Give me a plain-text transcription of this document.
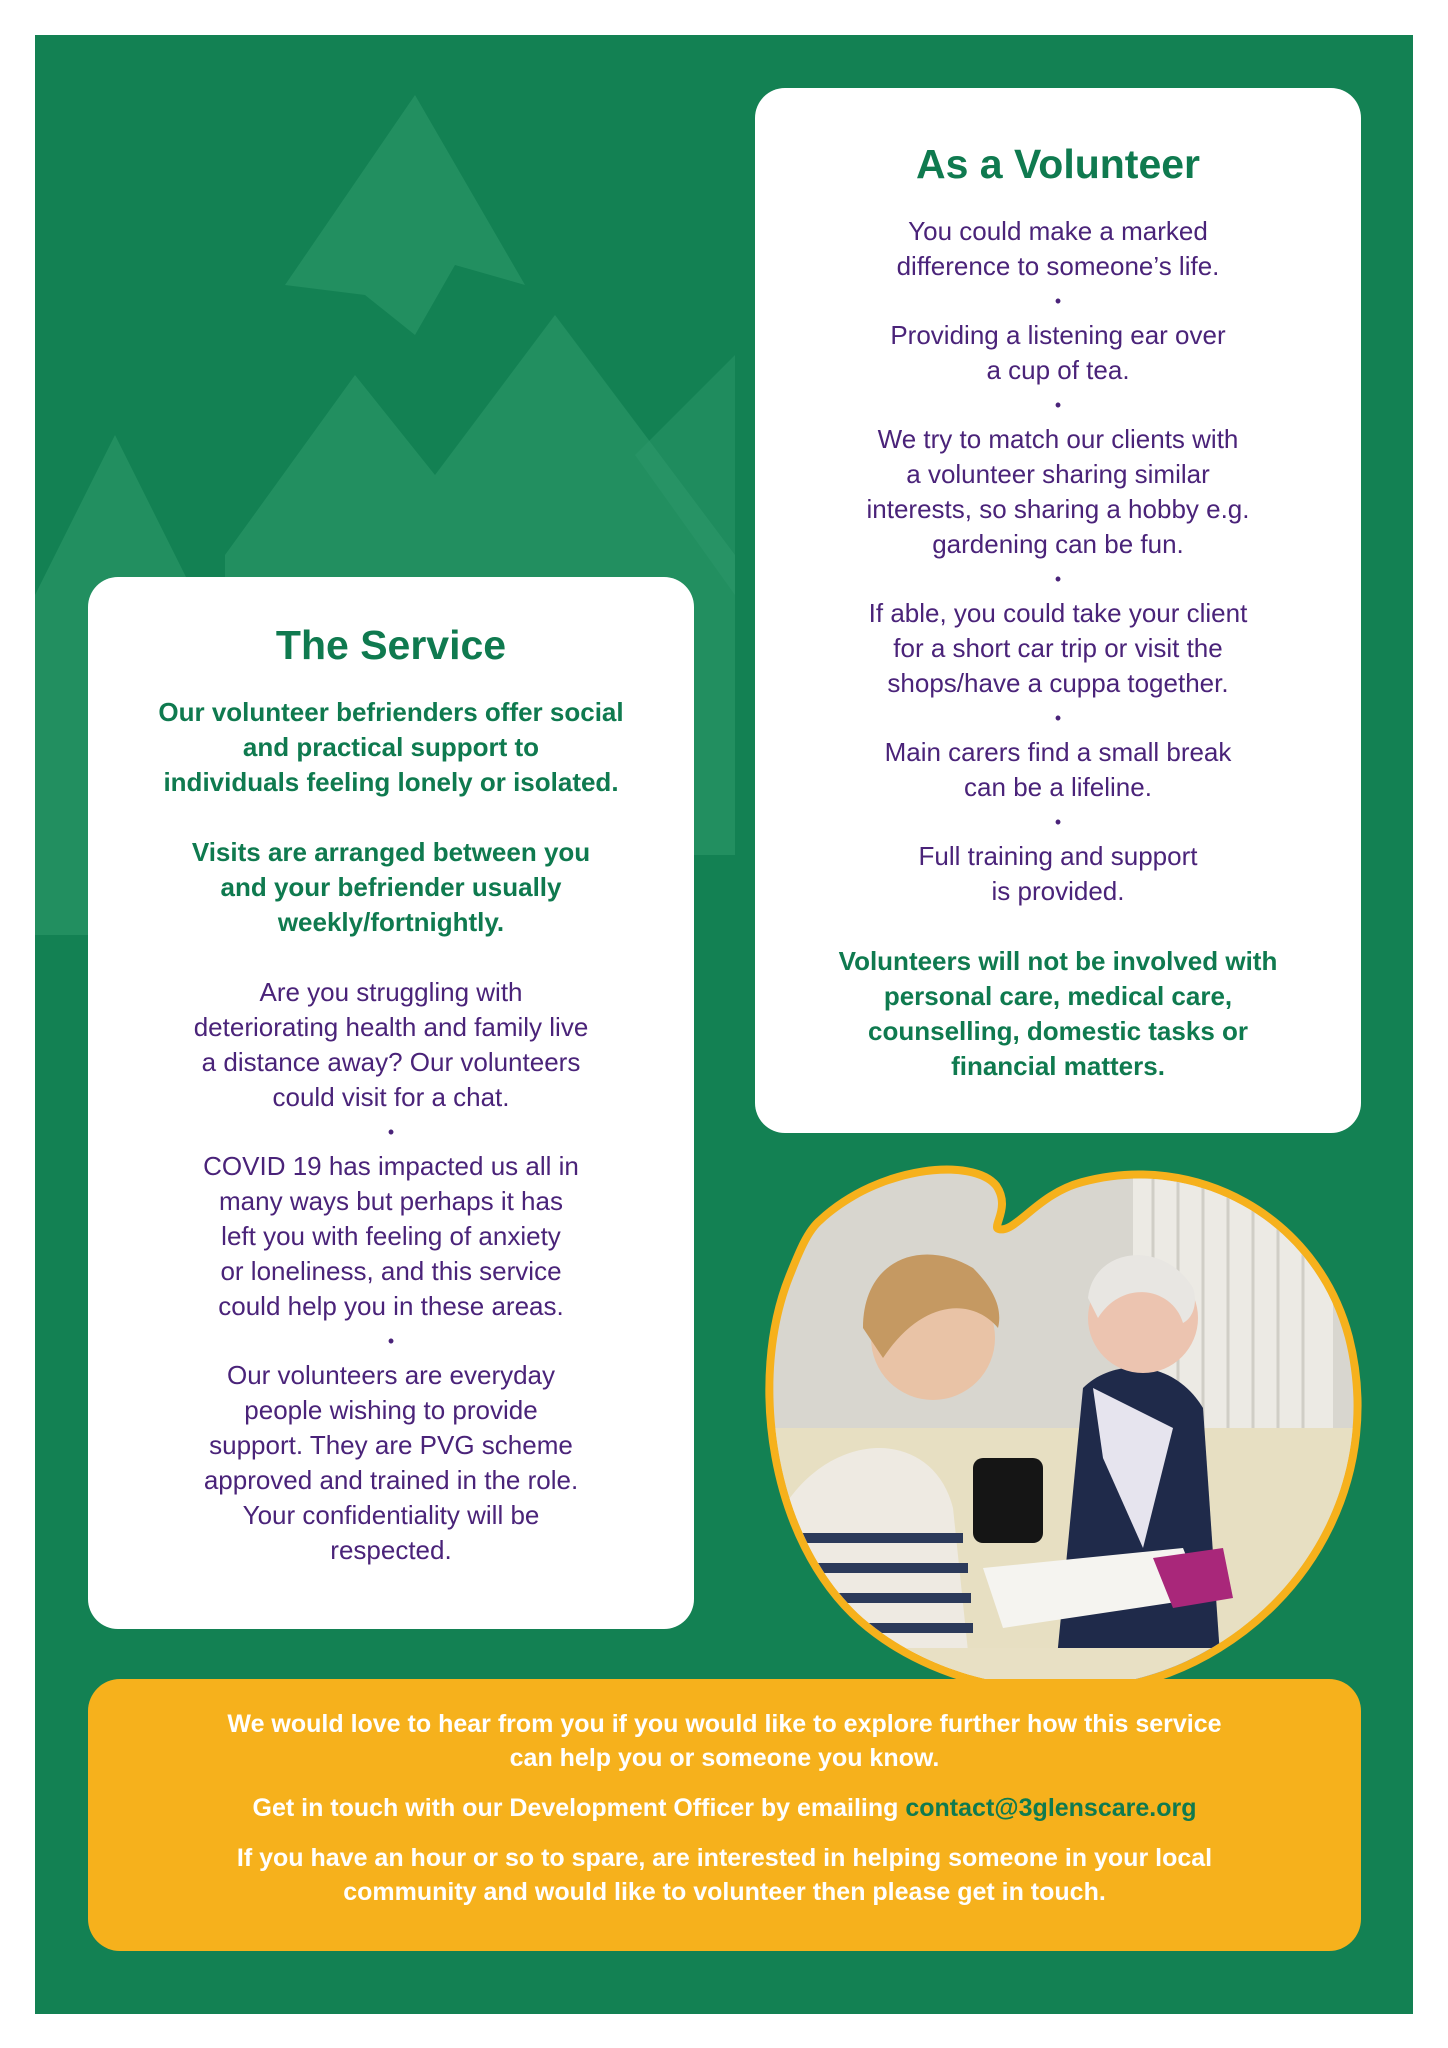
As a Volunteer

You could make a marked
difference to someone’s life.

•

Providing a listening ear over
a cup of tea.

•

We try to match our clients with
a volunteer sharing similar
interests, so sharing a hobby e.g.
gardening can be fun.

•

If able, you could take your client
for a short car trip or visit the
shops/have a cuppa together.

•

Main carers find a small break
can be a lifeline.

•

Full training and support
is provided.

Volunteers will not be involved with
personal care, medical care,
counselling, domestic tasks or
financial matters.

The Service

Our volunteer befrienders offer social
and practical support to
individuals feeling lonely or isolated.

Visits are arranged between you
and your befriender usually
weekly/fortnightly.

Are you struggling with
deteriorating health and family live
a distance away? Our volunteers
could visit for a chat.

•

COVID 19 has impacted us all in
many ways but perhaps it has
left you with feeling of anxiety
or loneliness, and this service
could help you in these areas.

•

Our volunteers are everyday
people wishing to provide
support. They are PVG scheme
approved and trained in the role.
Your confidentiality will be
respected.

We would love to hear from you if you would like to explore further how this service
can help you or someone you know.

Get in touch with our Development Officer by emailing contact@3glenscare.org

If you have an hour or so to spare, are interested in helping someone in your local
community and would like to volunteer then please get in touch.
